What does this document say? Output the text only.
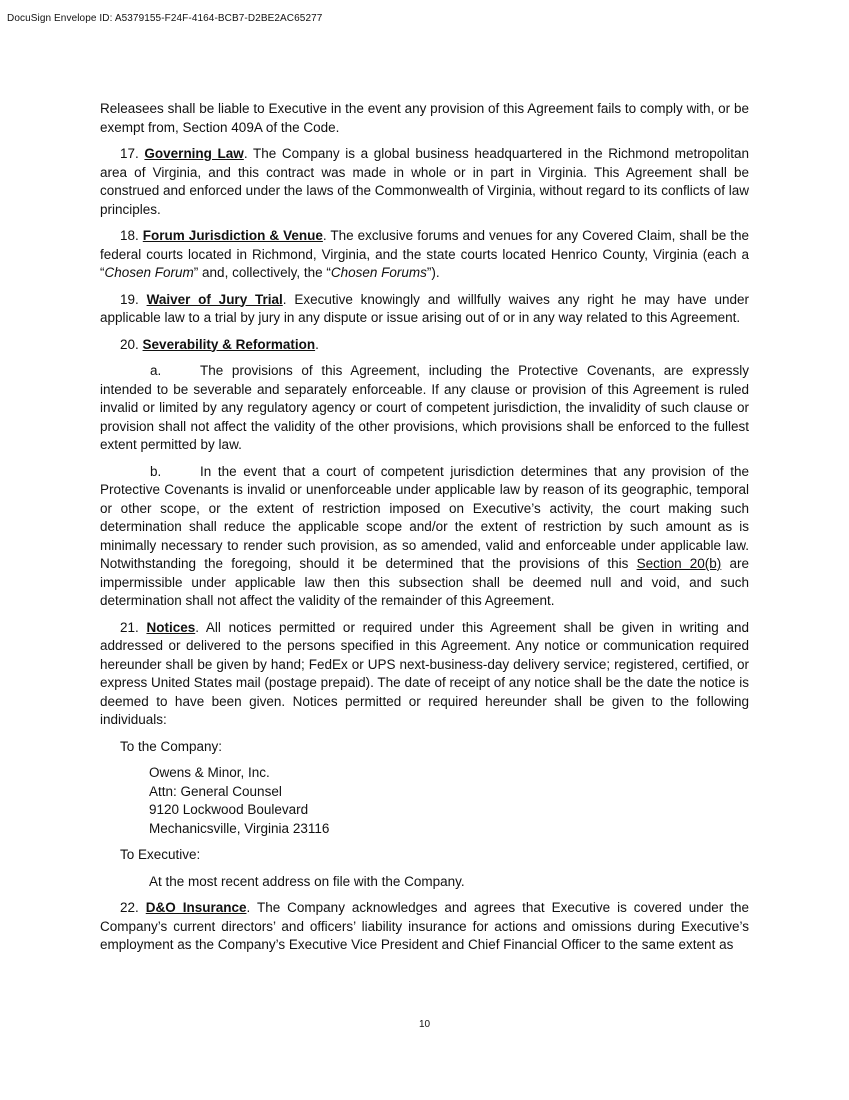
DocuSign Envelope ID: A5379155-F24F-4164-BCB7-D2BE2AC65277

Releasees shall be liable to Executive in the event any provision of this Agreement fails to comply with, or be exempt from, Section 409A of the Code.

17. Governing Law. The Company is a global business headquartered in the Richmond metropolitan area of Virginia, and this contract was made in whole or in part in Virginia. This Agreement shall be construed and enforced under the laws of the Commonwealth of Virginia, without regard to its conflicts of law principles.

18. Forum Jurisdiction & Venue. The exclusive forums and venues for any Covered Claim, shall be the federal courts located in Richmond, Virginia, and the state courts located Henrico County, Virginia (each a “Chosen Forum” and, collectively, the “Chosen Forums”).

19. Waiver of Jury Trial. Executive knowingly and willfully waives any right he may have under applicable law to a trial by jury in any dispute or issue arising out of or in any way related to this Agreement.

20. Severability & Reformation.

a.	The provisions of this Agreement, including the Protective Covenants, are expressly intended to be severable and separately enforceable. If any clause or provision of this Agreement is ruled invalid or limited by any regulatory agency or court of competent jurisdiction, the invalidity of such clause or provision shall not affect the validity of the other provisions, which provisions shall be enforced to the fullest extent permitted by law.

b.	In the event that a court of competent jurisdiction determines that any provision of the Protective Covenants is invalid or unenforceable under applicable law by reason of its geographic, temporal or other scope, or the extent of restriction imposed on Executive’s activity, the court making such determination shall reduce the applicable scope and/or the extent of restriction by such amount as is minimally necessary to render such provision, as so amended, valid and enforceable under applicable law. Notwithstanding the foregoing, should it be determined that the provisions of this Section 20(b) are impermissible under applicable law then this subsection shall be deemed null and void, and such determination shall not affect the validity of the remainder of this Agreement.

21. Notices. All notices permitted or required under this Agreement shall be given in writing and addressed or delivered to the persons specified in this Agreement. Any notice or communication required hereunder shall be given by hand; FedEx or UPS next-business-day delivery service; registered, certified, or express United States mail (postage prepaid). The date of receipt of any notice shall be the date the notice is deemed to have been given. Notices permitted or required hereunder shall be given to the following individuals:

To the Company:

Owens & Minor, Inc.
Attn: General Counsel
9120 Lockwood Boulevard
Mechanicsville, Virginia 23116

To Executive:

At the most recent address on file with the Company.

22. D&O Insurance. The Company acknowledges and agrees that Executive is covered under the Company’s current directors’ and officers’ liability insurance for actions and omissions during Executive’s employment as the Company’s Executive Vice President and Chief Financial Officer to the same extent as

10
